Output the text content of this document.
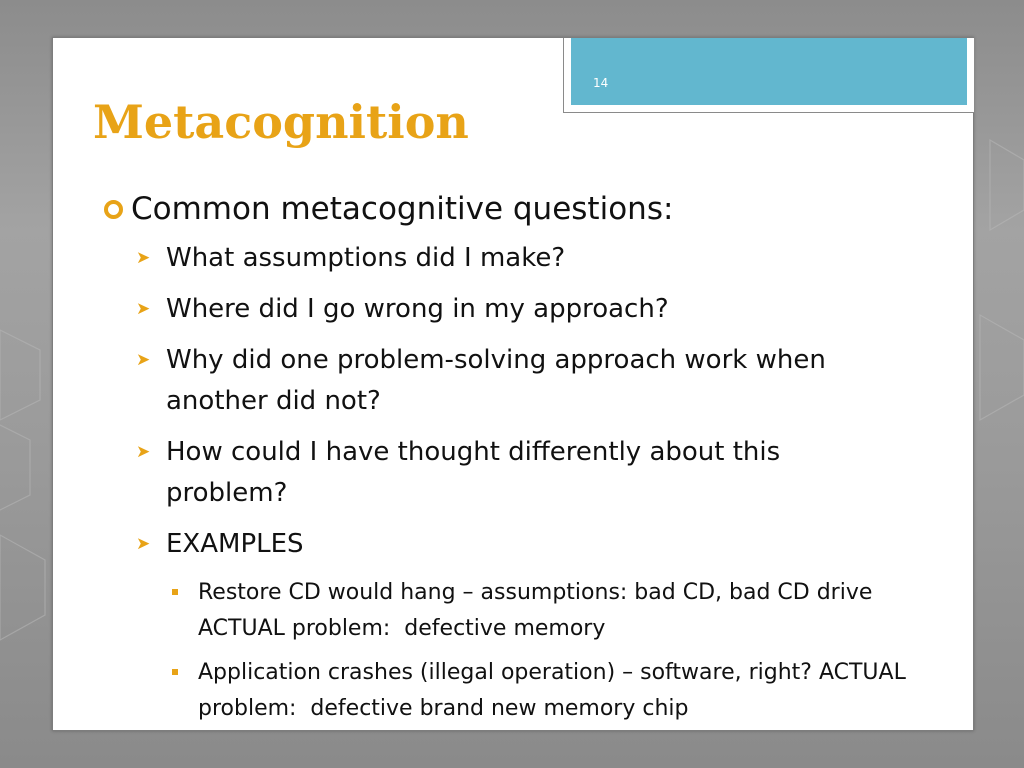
14
Metacognition
Common metacognitive questions:
➤ What assumptions did I make?
➤ Where did I go wrong in my approach?
➤ Why did one problem-solving approach work when another did not?
➤ How could I have thought differently about this problem?
➤ EXAMPLES
Restore CD would hang – assumptions: bad CD, bad CD drive          ACTUAL problem:  defective memory
Application crashes (illegal operation) – software, right? ACTUAL problem:  defective brand new memory chip
